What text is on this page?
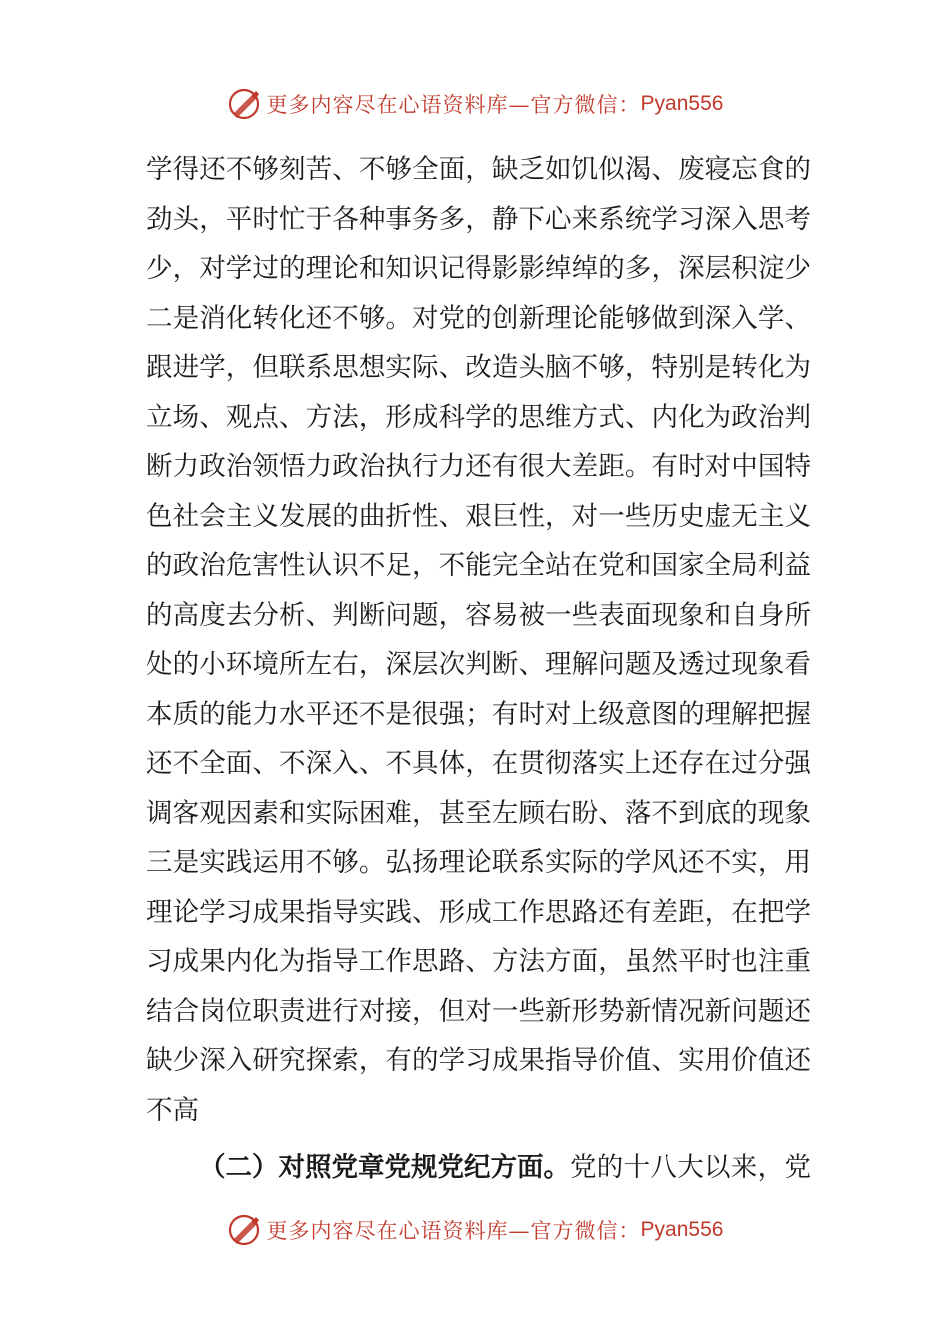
更多内容尽在心语资料库—官方微信： Pyan556
学得还不够刻苦、不够全面，缺乏如饥似渴、废寝忘食的
劲头，平时忙于各种事务多，静下心来系统学习深入思考
少，对学过的理论和知识记得影影绰绰的多，深层积淀少
二是消化转化还不够。对党的创新理论能够做到深入学、
跟进学，但联系思想实际、改造头脑不够，特别是转化为
立场、观点、方法，形成科学的思维方式、内化为政治判
断力政治领悟力政治执行力还有很大差距。有时对中国特
色社会主义发展的曲折性、艰巨性，对一些历史虚无主义
的政治危害性认识不足，不能完全站在党和国家全局利益
的高度去分析、判断问题，容易被一些表面现象和自身所
处的小环境所左右，深层次判断、理解问题及透过现象看
本质的能力水平还不是很强；有时对上级意图的理解把握
还不全面、不深入、不具体，在贯彻落实上还存在过分强
调客观因素和实际困难，甚至左顾右盼、落不到底的现象
三是实践运用不够。弘扬理论联系实际的学风还不实，用
理论学习成果指导实践、形成工作思路还有差距，在把学
习成果内化为指导工作思路、方法方面，虽然平时也注重
结合岗位职责进行对接，但对一些新形势新情况新问题还
缺少深入研究探索，有的学习成果指导价值、实用价值还
不高
（二）对照党章党规党纪方面。 党的十八大以来，党
更多内容尽在心语资料库—官方微信： Pyan556
